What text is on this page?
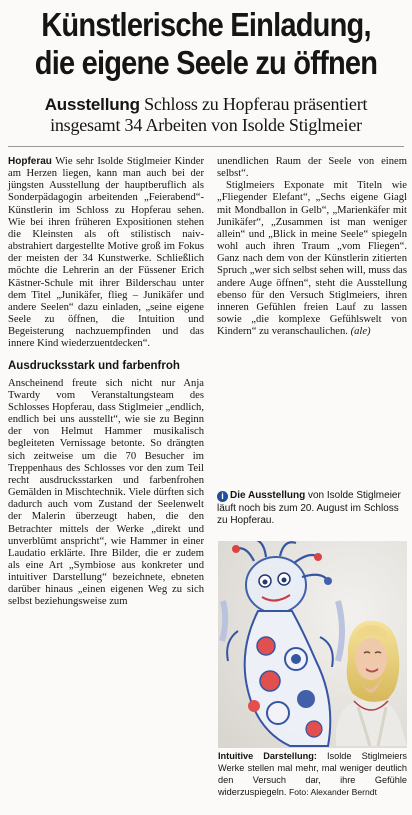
Künstlerische Einladung,
die eigene Seele zu öffnen
Ausstellung Schloss zu Hopferau präsentiert
insgesamt 34 Arbeiten von Isolde Stiglmeier

Hopferau Wie sehr Isolde Stiglmeier Kinder am Herzen liegen, kann man auch bei der jüngsten Ausstellung der hauptberuflich als Sonderpädagogin arbeitenden „Feierabend“-Künstlerin im Schloss zu Hopferau sehen. Wie bei ihren früheren Expositionen stehen die Kleinsten als oft stilistisch naiv-abstrahiert dargestellte Motive groß im Fokus der meisten der 34 Kunstwerke. Schließlich möchte die Lehrerin an der Füssener Erich Kästner-Schule mit ihrer Bilderschau unter dem Titel „Junikäfer, flieg – Junikäfer und andere Seelen“ dazu einladen, „seine eigene Seele zu öffnen, die Intuition und Begeisterung nachzuempfinden und das innere Kind wiederzuentdecken“.

Ausdrucksstark und farbenfroh

Anscheinend freute sich nicht nur Anja Twardy vom Veranstaltungsteam des Schlosses Hopferau, dass Stiglmeier „endlich, endlich bei uns ausstellt“, wie sie zu Beginn der von Helmut Hammer musikalisch begleiteten Vernissage betonte. So drängten sich zeitweise um die 70 Besucher im Treppenhaus des Schlosses vor den zum Teil recht ausdrucksstarken und farbenfrohen Gemälden in Mischtechnik. Viele dürften sich dadurch auch vom Zustand der Seelenwelt der Malerin überzeugt haben, die den Betrachter mittels der Werke „direkt und unverblümt anspricht“, wie Hammer in einer Laudatio erklärte. Ihre Bilder, die er zudem als eine Art „Symbiose aus konkreter und intuitiver Darstellung“ bezeichnete, ebneten darüber hinaus „einen eigenen Weg zu sich selbst beziehungsweise zum

unendlichen Raum der Seele von einem selbst“.

Stiglmeiers Exponate mit Titeln wie „Fliegender Elefant“, „Sechs eigene Giagl mit Mondballon in Gelb“, „Marienkäfer mit Junikäfer“, „Zusammen ist man weniger allein“ und „Blick in meine Seele“ spiegeln wohl auch ihren Traum „vom Fliegen“. Ganz nach dem von der Künstlerin zitierten Spruch „wer sich selbst sehen will, muss das andere Auge öffnen“, steht die Ausstellung ebenso für den Versuch Stiglmeiers, ihren inneren Gefühlen freien Lauf zu lassen sowie „die komplexe Gefühlswelt von Kindern“ zu veranschaulichen. (ale)

i Die Ausstellung von Isolde Stiglmeier läuft noch bis zum 20. August im Schloss zu Hopferau.
Intuitive Darstellung: Isolde Stiglmeiers Werke stellen mal mehr, mal weniger deutlich den Versuch dar, ihre Gefühle widerzuspiegeln. Foto: Alexander Berndt
